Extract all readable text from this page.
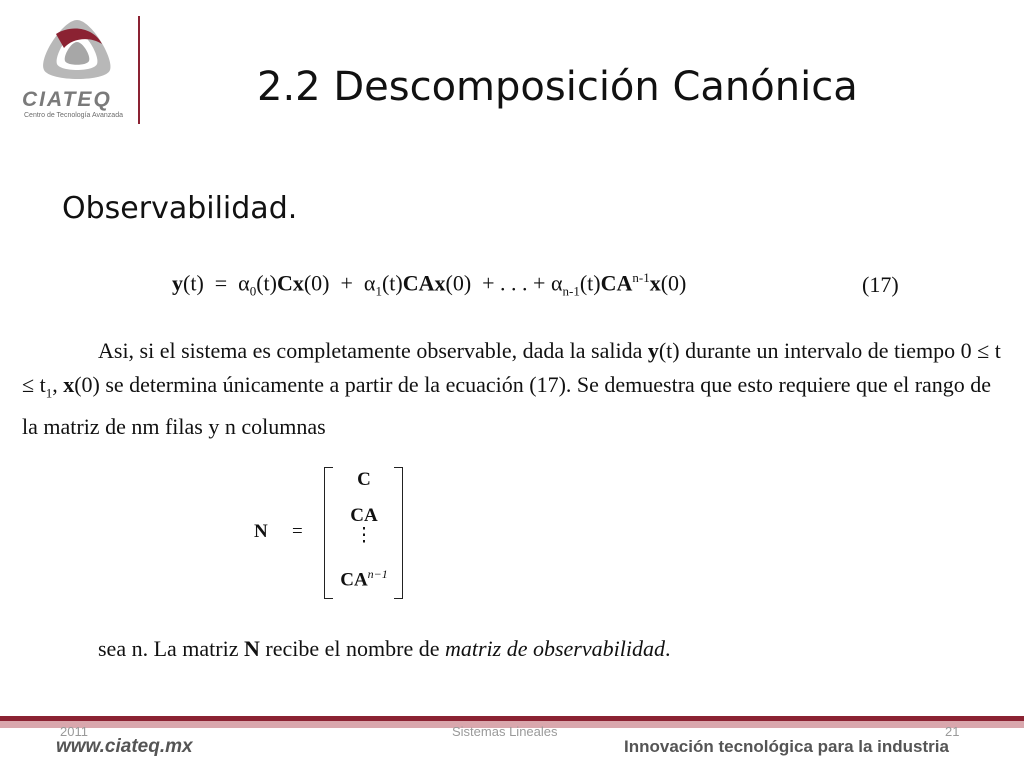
CIATEQ
Centro de Tecnología Avanzada
2.2 Descomposición Canónica
Observabilidad.
$y(t) = \alpha_0(t)Cx(0) + \alpha_1(t)CAx(0)$  + . . . + $\alpha_{n-1}(t)CA^{n-1}x(0)$	(17)

Asi, si el sistema es completamente observable, dada la salida y(t) durante un intervalo de tiempo $0 \le t \le t_1$, x(0) se determina únicamente a partir de la ecuación (17). Se demuestra que esto requiere que el rango de la matriz de nm filas y n columnas

N =
C
CA
⋮
$CA^{n-1}$

sea n. La matriz N recibe el nombre de matriz de observabilidad.

2011	Sistemas Lineales	21
www.ciateq.mx	Innovación tecnológica para la industria
